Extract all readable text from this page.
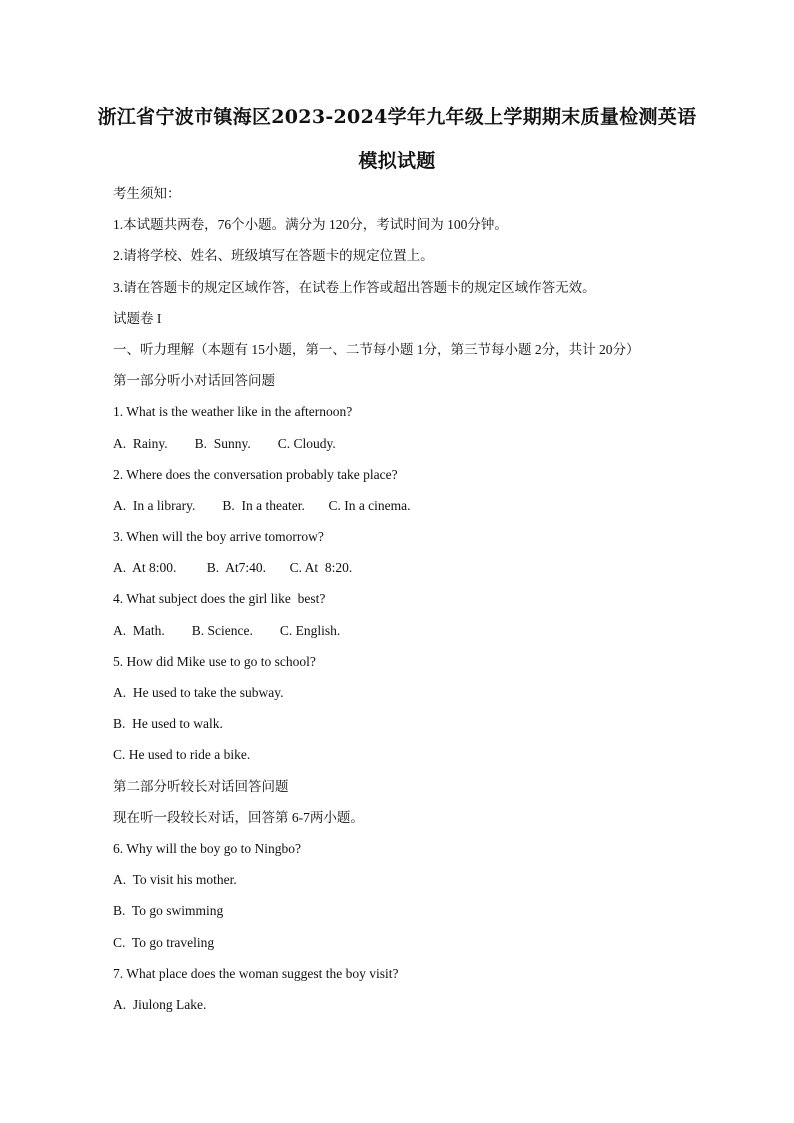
浙江省宁波市镇海区2023-2024学年九年级上学期期末质量检测英语
模拟试题
考生须知：
1.本试题共两卷，76个小题。满分为 120分，考试时间为 100分钟。
2.请将学校、姓名、班级填写在答题卡的规定位置上。
3.请在答题卡的规定区域作答，在试卷上作答或超出答题卡的规定区域作答无效。
试题卷 I
一、听力理解（本题有 15小题，第一、二节每小题 1分，第三节每小题 2分，共计 20分）
第一部分听小对话回答问题
1. What is the weather like in the afternoon?
A.  Rainy.        B.  Sunny.        C. Cloudy.
2. Where does the conversation probably take place?
A.  In a library.        B.  In a theater.       C. In a cinema.
3. When will the boy arrive tomorrow?
A.  At 8:00.         B.  At7:40.       C. At  8:20.
4. What subject does the girl like  best?
A.  Math.        B. Science.        C. English.
5. How did Mike use to go to school?
A.  He used to take the subway.
B.  He used to walk.
C. He used to ride a bike.
第二部分听较长对话回答问题
现在听一段较长对话，回答第 6-7两小题。
6. Why will the boy go to Ningbo?
A.  To visit his mother.
B.  To go swimming
C.  To go traveling
7. What place does the woman suggest the boy visit?
A.  Jiulong Lake.
